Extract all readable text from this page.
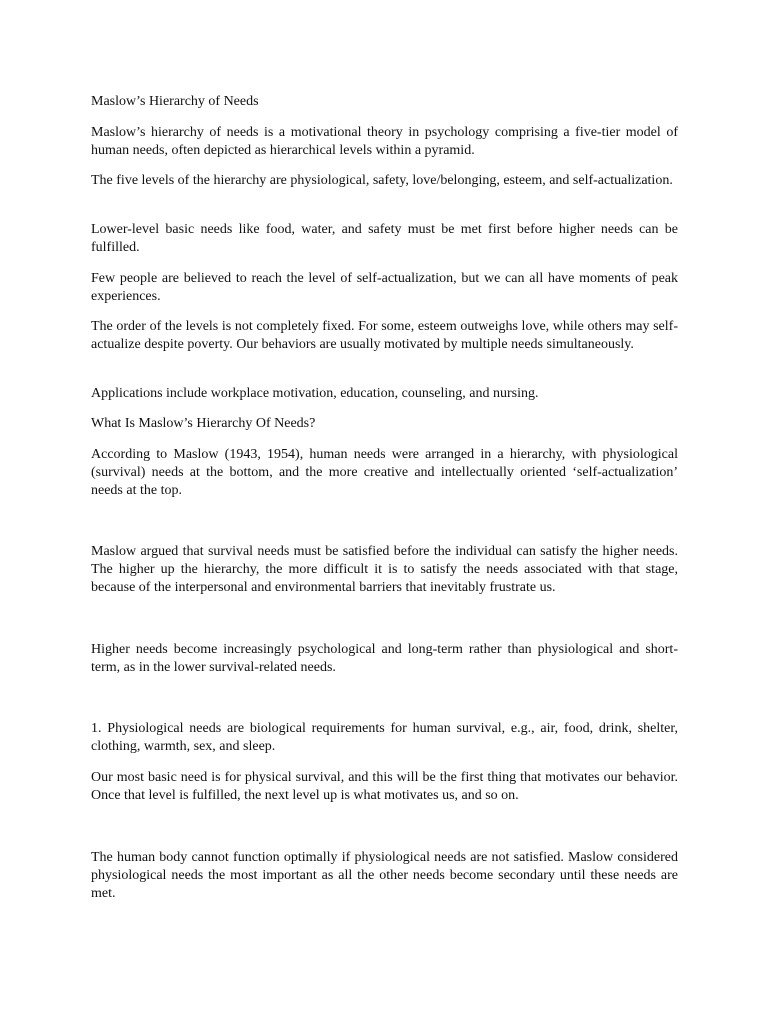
Maslow’s Hierarchy of Needs

Maslow’s hierarchy of needs is a motivational theory in psychology comprising a five-tier model of human needs, often depicted as hierarchical levels within a pyramid.

The five levels of the hierarchy are physiological, safety, love/belonging, esteem, and self-actualization.

Lower-level basic needs like food, water, and safety must be met first before higher needs can be fulfilled.

Few people are believed to reach the level of self-actualization, but we can all have moments of peak experiences.

The order of the levels is not completely fixed. For some, esteem outweighs love, while others may self-actualize despite poverty. Our behaviors are usually motivated by multiple needs simultaneously.

Applications include workplace motivation, education, counseling, and nursing.

What Is Maslow’s Hierarchy Of Needs?

According to Maslow (1943, 1954), human needs were arranged in a hierarchy, with physiological (survival) needs at the bottom, and the more creative and intellectually oriented ‘self-actualization’ needs at the top.

Maslow argued that survival needs must be satisfied before the individual can satisfy the higher needs. The higher up the hierarchy, the more difficult it is to satisfy the needs associated with that stage, because of the interpersonal and environmental barriers that inevitably frustrate us.

Higher needs become increasingly psychological and long-term rather than physiological and short-term, as in the lower survival-related needs.

1. Physiological needs are biological requirements for human survival, e.g., air, food, drink, shelter, clothing, warmth, sex, and sleep.

Our most basic need is for physical survival, and this will be the first thing that motivates our behavior. Once that level is fulfilled, the next level up is what motivates us, and so on.

The human body cannot function optimally if physiological needs are not satisfied. Maslow considered physiological needs the most important as all the other needs become secondary until these needs are met.
